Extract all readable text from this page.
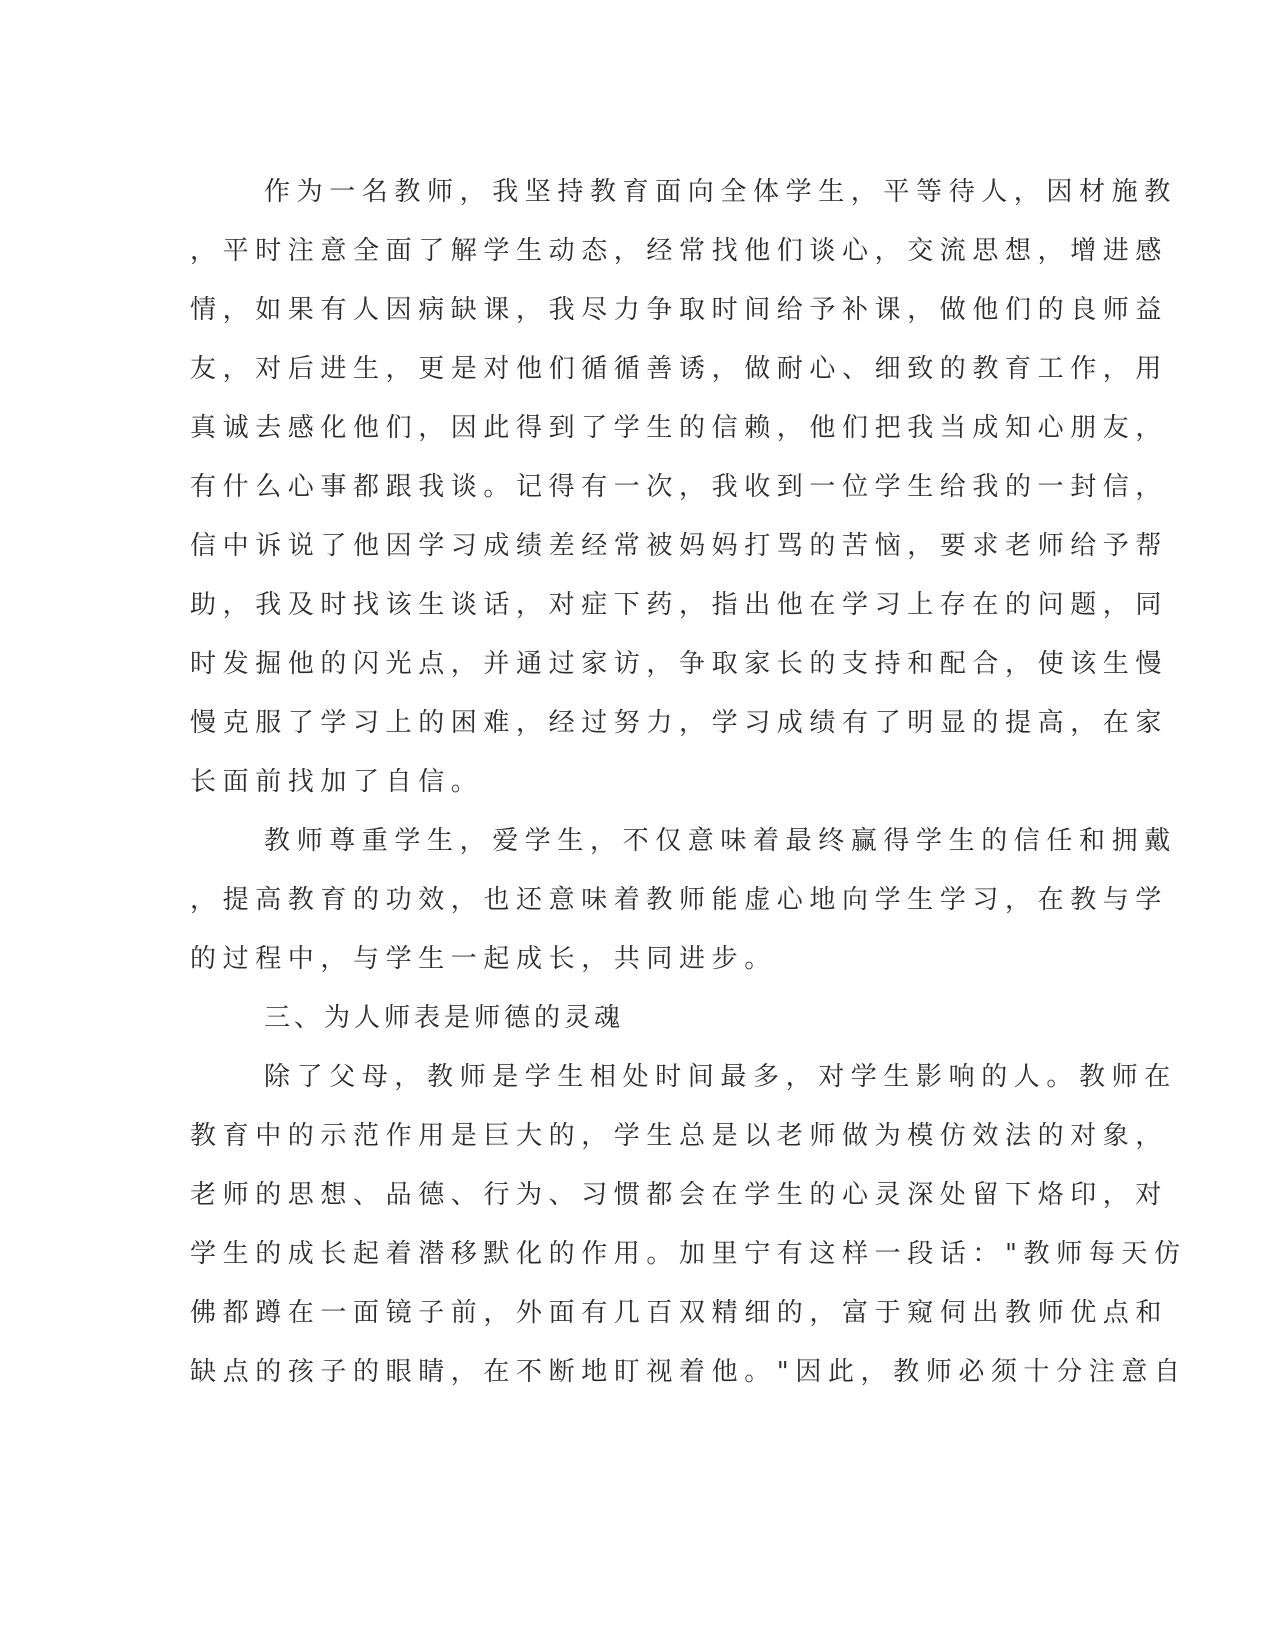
作为一名教师，我坚持教育面向全体学生，平等待人，因材施教
，平时注意全面了解学生动态，经常找他们谈心，交流思想，增进感
情，如果有人因病缺课，我尽力争取时间给予补课，做他们的良师益
友，对后进生，更是对他们循循善诱，做耐心、细致的教育工作，用
真诚去感化他们，因此得到了学生的信赖，他们把我当成知心朋友，
有什么心事都跟我谈。记得有一次，我收到一位学生给我的一封信，
信中诉说了他因学习成绩差经常被妈妈打骂的苦恼，要求老师给予帮
助，我及时找该生谈话，对症下药，指出他在学习上存在的问题，同
时发掘他的闪光点，并通过家访，争取家长的支持和配合，使该生慢
慢克服了学习上的困难，经过努力，学习成绩有了明显的提高，在家
长面前找加了自信。
教师尊重学生，爱学生，不仅意味着最终赢得学生的信任和拥戴
，提高教育的功效，也还意味着教师能虚心地向学生学习，在教与学
的过程中，与学生一起成长，共同进步。
三、为人师表是师德的灵魂
除了父母，教师是学生相处时间最多，对学生影响的人。教师在
教育中的示范作用是巨大的，学生总是以老师做为模仿效法的对象，
老师的思想、品德、行为、习惯都会在学生的心灵深处留下烙印，对
学生的成长起着潜移默化的作用。加里宁有这样一段话："教师每天仿
佛都蹲在一面镜子前，外面有几百双精细的，富于窥伺出教师优点和
缺点的孩子的眼睛，在不断地盯视着他。"因此，教师必须十分注意自
